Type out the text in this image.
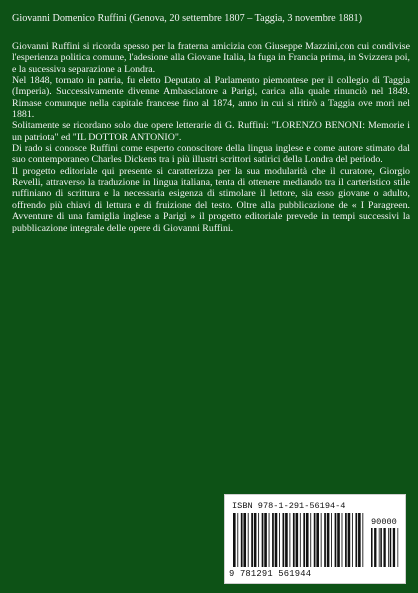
Giovanni Domenico Ruffini (Genova, 20 settembre 1807 – Taggia, 3 novembre 1881)

Giovanni Ruffini si ricorda spesso per la fraterna amicizia con Giuseppe Mazzini,con cui condivise l'esperienza politica comune, l'adesione alla Giovane Italia, la fuga in Francia prima, in Svizzera poi, e la sucessiva separazione a Londra.

Nel 1848, tornato in patria, fu eletto Deputato al Parlamento piemontese per il collegio di Taggia (Imperia). Successivamente divenne Ambasciatore a Parigi, carica alla quale rinunciò nel 1849. Rimase comunque nella capitale francese fino al 1874, anno in cui si ritirò a Taggia ove morì nel 1881.

Solitamente se ricordano solo due opere letterarie di G. Ruffini: "LORENZO BENONI: Memorie i un patriota" ed "IL DOTTOR ANTONIO".

Di rado si conosce Ruffini come esperto conoscitore della lingua inglese e come autore stimato dal suo contemporaneo Charles Dickens tra i più illustri scrittori satirici della Londra del periodo.

Il progetto editoriale qui presente si caratterizza per la sua modularità che il curatore, Giorgio Revelli, attraverso la traduzione in lingua italiana, tenta di ottenere mediando tra il carteristico stile ruffiniano di scrittura e la necessaria esigenza di stimolare il lettore, sia esso giovane o adulto, offrendo più chiavi di lettura e di fruizione del testo. Oltre alla pubblicazione de « I Paragreen. Avventure di una famiglia inglese a Parigi » il progetto editoriale prevede in tempi successivi la pubblicazione integrale delle opere di Giovanni Ruffini.

ISBN 978-1-291-56194-4
90000
9 781291 561944
